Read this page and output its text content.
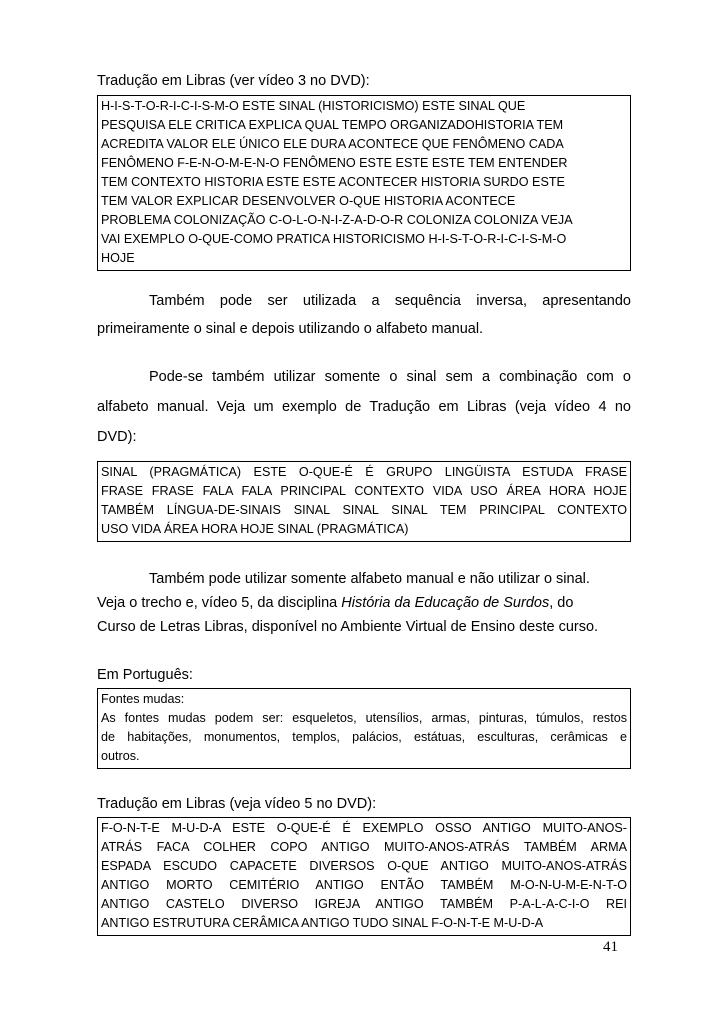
Tradução em Libras (ver vídeo 3 no DVD):
H-I-S-T-O-R-I-C-I-S-M-O ESTE SINAL (HISTORICISMO) ESTE SINAL QUE
PESQUISA ELE CRITICA EXPLICA QUAL TEMPO ORGANIZADOHISTORIA TEM
ACREDITA VALOR ELE ÚNICO ELE DURA ACONTECE QUE FENÔMENO CADA
FENÔMENO F-E-N-O-M-E-N-O FENÔMENO ESTE ESTE ESTE TEM ENTENDER
TEM CONTEXTO HISTORIA ESTE ESTE ACONTECER HISTORIA SURDO ESTE
TEM VALOR EXPLICAR DESENVOLVER O-QUE HISTORIA ACONTECE
PROBLEMA COLONIZAÇÃO C-O-L-O-N-I-Z-A-D-O-R COLONIZA COLONIZA VEJA
VAI EXEMPLO O-QUE-COMO PRATICA HISTORICISMO H-I-S-T-O-R-I-C-I-S-M-O
HOJE
Também pode ser utilizada a sequência inversa, apresentando
primeiramente o sinal e depois utilizando o alfabeto manual.
Pode-se também utilizar somente o sinal sem a combinação com o
alfabeto manual. Veja um exemplo de Tradução em Libras (veja vídeo 4 no
DVD):
SINAL (PRAGMÁTICA) ESTE O-QUE-É É GRUPO LINGÜISTA ESTUDA FRASE
FRASE FRASE FALA FALA PRINCIPAL CONTEXTO VIDA USO ÁREA HORA HOJE
TAMBÉM LÍNGUA-DE-SINAIS SINAL SINAL SINAL TEM PRINCIPAL CONTEXTO
USO VIDA ÁREA HORA HOJE SINAL (PRAGMÁTICA)
Também pode utilizar somente alfabeto manual e não utilizar o sinal.
Veja o trecho e, vídeo 5, da disciplina História da Educação de Surdos, do
Curso de Letras Libras, disponível no Ambiente Virtual de Ensino deste curso.
Em Português:
Fontes mudas:
As fontes mudas podem ser: esqueletos, utensílios, armas, pinturas, túmulos, restos
de habitações, monumentos, templos, palácios, estátuas, esculturas, cerâmicas e
outros.
Tradução em Libras (veja vídeo 5 no DVD):
F-O-N-T-E M-U-D-A ESTE O-QUE-É É EXEMPLO OSSO ANTIGO MUITO-ANOS-
ATRÁS FACA COLHER COPO ANTIGO MUITO-ANOS-ATRÁS TAMBÉM ARMA
ESPADA ESCUDO CAPACETE DIVERSOS O-QUE ANTIGO MUITO-ANOS-ATRÁS
ANTIGO MORTO CEMITÉRIO ANTIGO ENTÃO TAMBÉM M-O-N-U-M-E-N-T-O
ANTIGO CASTELO DIVERSO IGREJA ANTIGO TAMBÉM P-A-L-A-C-I-O REI
ANTIGO ESTRUTURA CERÂMICA ANTIGO TUDO SINAL F-O-N-T-E M-U-D-A
41
